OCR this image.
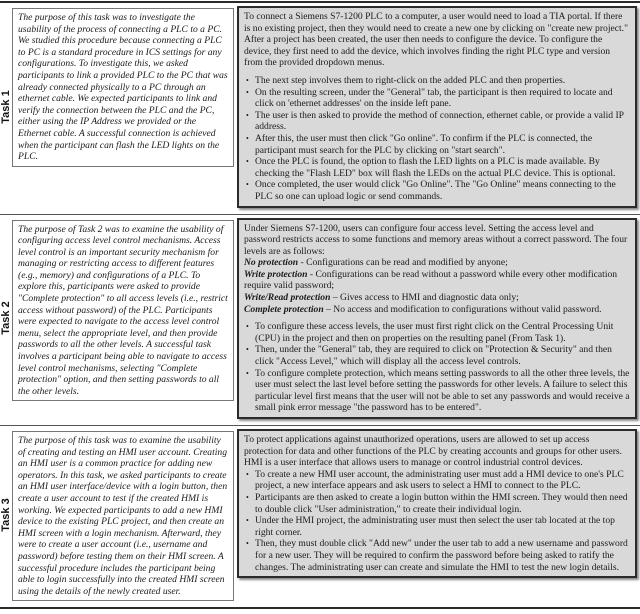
Task 1
The purpose of this task was to investigate the usability of the process of connecting a PLC to a PC. We studied this procedure because connecting a PLC to PC is a standard procedure in ICS settings for any configurations. To investigate this, we asked participants to link a provided PLC to the PC that was already connected physically to a PC through an ethernet cable. We expected participants to link and verify the connection between the PLC and the PC, either using the IP Address we provided or the Ethernet cable. A successful connection is achieved when the participant can flash the LED lights on the PLC.

To connect a Siemens S7-1200 PLC to a computer, a user would need to load a TIA portal. If there is no existing project, then they would need to create a new one by clicking on "create new project." After a project has been created, the user then needs to configure the device. To configure the device, they first need to add the device, which involves finding the right PLC type and version from the provided dropdown menus.

• The next step involves them to right-click on the added PLC and then properties.
• On the resulting screen, under the "General" tab, the participant is then required to locate and click on 'ethernet addresses' on the inside left pane.
• The user is then asked to provide the method of connection, ethernet cable, or provide a valid IP address.
• After this, the user must then click "Go online". To confirm if the PLC is connected, the participant must search for the PLC by clicking on "start search".
• Once the PLC is found, the option to flash the LED lights on a PLC is made available. By checking the "Flash LED" box will flash the LEDs on the actual PLC device. This is optional.
• Once completed, the user would click "Go Online". The "Go Online" means connecting to the PLC so one can upload logic or send commands.
Task 2
The purpose of Task 2 was to examine the usability of configuring access level control mechanisms. Access level control is an important security mechanism for managing or restricting access to different features (e.g., memory) and configurations of a PLC. To explore this, participants were asked to provide "Complete protection" to all access levels (i.e., restrict access without password) of the PLC. Participants were expected to navigate to the access level control menu, select the appropriate level, and then provide passwords to all the other levels. A successful task involves a participant being able to navigate to access level control mechanisms, selecting "Complete protection" option, and then setting passwords to all the other levels.

Under Siemens S7-1200, users can configure four access level. Setting the access level and password restricts access to some functions and memory areas without a correct password. The four levels are as follows:

No protection - Configurations can be read and modified by anyone;

Write protection - Configurations can be read without a password while every other modification require valid password;

Write/Read protection – Gives access to HMI and diagnostic data only;

Complete protection – No access and modification to configurations without valid password.

• To configure these access levels, the user must first right click on the Central Processing Unit (CPU) in the project and then on properties on the resulting panel (From Task 1).
• Then, under the "General" tab, they are required to click on "Protection & Security" and then click "Access Level," which will display all the access level controls.
• To configure complete protection, which means setting passwords to all the other three levels, the user must select the last level before setting the passwords for other levels. A failure to select this particular level first means that the user will not be able to set any passwords and would receive a small pink error message "the password has to be entered".
Task 3
The purpose of this task was to examine the usability of creating and testing an HMI user account. Creating an HMI user is a common practice for adding new operators. In this task, we asked participants to create an HMI user interface/device with a login button, then create a user account to test if the created HMI is working. We expected participants to add a new HMI device to the existing PLC project, and then create an HMI screen with a login mechanism. Afterward, they were to create a user account (i.e., username and password) before testing them on their HMI screen. A successful procedure includes the participant being able to login successfully into the created HMI screen using the details of the newly created user.

To protect applications against unauthorized operations, users are allowed to set up access protection for data and other functions of the PLC by creating accounts and groups for other users. HMI is a user interface that allows users to manage or control industrial control devices.

• To create a new HMI user account, the administrating user must add a HMI device to one's PLC project, a new interface appears and ask users to select a HMI to connect to the PLC.
• Participants are then asked to create a login button within the HMI screen. They would then need to double click "User administration," to create their individual login.
• Under the HMI project, the administrating user must then select the user tab located at the top right corner.
• Then, they must double click "Add new" under the user tab to add a new username and password for a new user. They will be required to confirm the password before being asked to ratify the changes. The administrating user can create and simulate the HMI to test the new login details.
